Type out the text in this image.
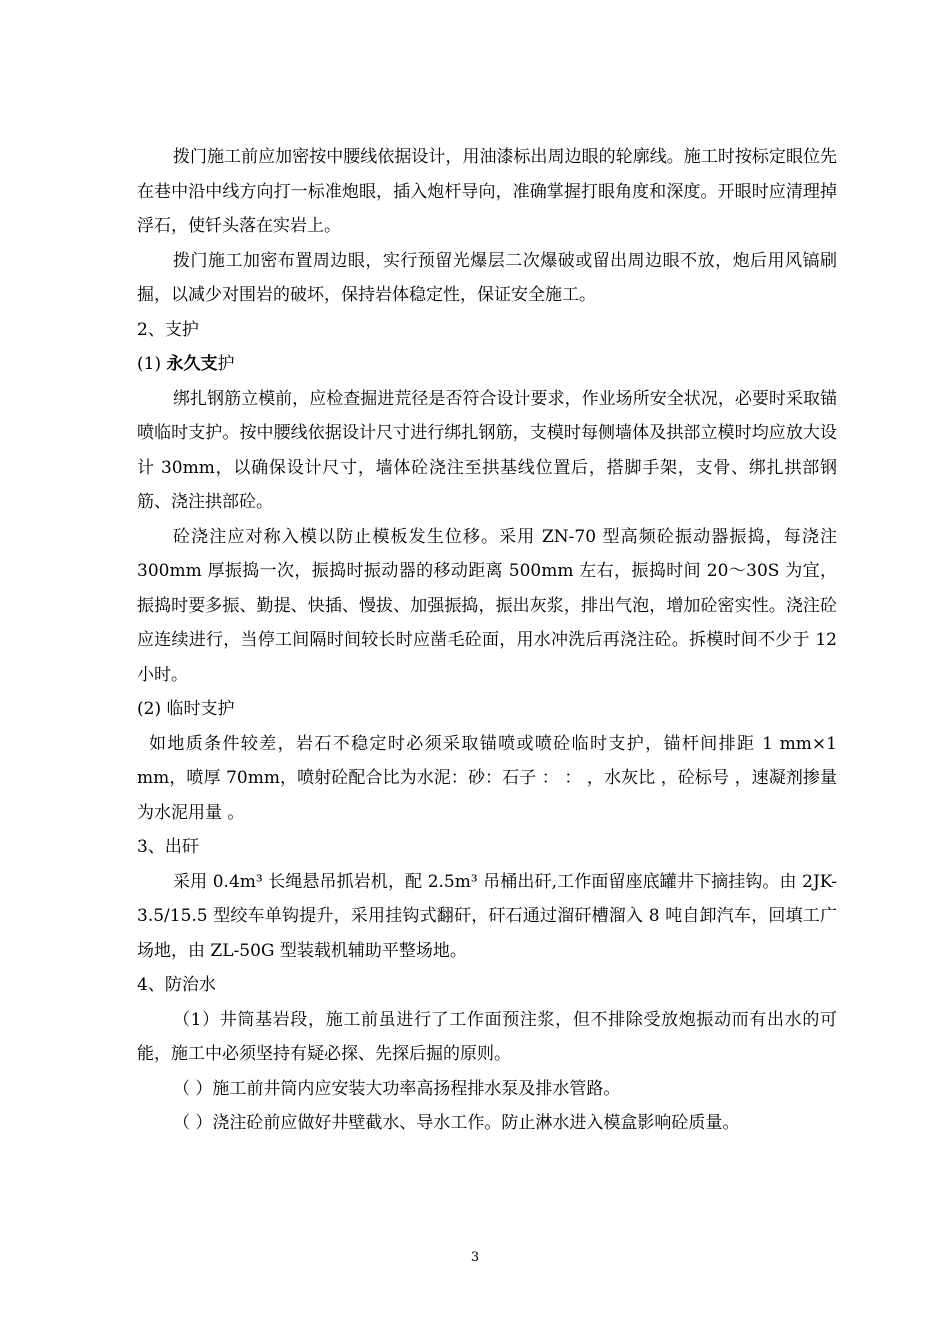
拨门施工前应加密按中腰线依据设计，用油漆标出周边眼的轮廓线。施工时按标定眼位先在巷中沿中线方向打一标准炮眼，插入炮杆导向，准确掌握打眼角度和深度。开眼时应清理掉浮石，使钎头落在实岩上。

拨门施工加密布置周边眼，实行预留光爆层二次爆破或留出周边眼不放，炮后用风镐刷掘，以减少对围岩的破坏，保持岩体稳定性，保证安全施工。

2、支护

(1) 永久支护

绑扎钢筋立模前，应检查掘进荒径是否符合设计要求，作业场所安全状况，必要时采取锚喷临时支护。按中腰线依据设计尺寸进行绑扎钢筋，支模时每侧墙体及拱部立模时均应放大设计 30mm，以确保设计尺寸，墙体砼浇注至拱基线位置后，搭脚手架，支骨、绑扎拱部钢筋、浇注拱部砼。

砼浇注应对称入模以防止模板发生位移。采用 ZN-70 型高频砼振动器振捣，每浇注 300mm 厚振捣一次，振捣时振动器的移动距离 500mm 左右，振捣时间 20～30S 为宜，振捣时要多振、勤提、快插、慢拔、加强振捣，振出灰浆，排出气泡，增加砼密实性。浇注砼应连续进行，当停工间隔时间较长时应凿毛砼面，用水冲洗后再浇注砼。拆模时间不少于 12 小时。

(2) 临时支护

如地质条件较差，岩石不稳定时必须采取锚喷或喷砼临时支护，锚杆间排距 1 mm×1 mm，喷厚 70mm，喷射砼配合比为水泥：砂：石子 ： ： ，水灰比 ，砼标号 ，速凝剂掺量为水泥用量 。

3、出矸

采用 0.4m³ 长绳悬吊抓岩机，配 2.5m³ 吊桶出矸,工作面留座底罐井下摘挂钩。由 2JK-3.5/15.5 型绞车单钩提升，采用挂钩式翻矸，矸石通过溜矸槽溜入 8 吨自卸汽车，回填工广场地，由 ZL-50G 型装载机辅助平整场地。

4、防治水

（1）井筒基岩段，施工前虽进行了工作面预注浆，但不排除受放炮振动而有出水的可能，施工中必须坚持有疑必探、先探后掘的原则。

（ ）施工前井筒内应安装大功率高扬程排水泵及排水管路。

（ ）浇注砼前应做好井壁截水、导水工作。防止淋水进入模盒影响砼质量。

3
